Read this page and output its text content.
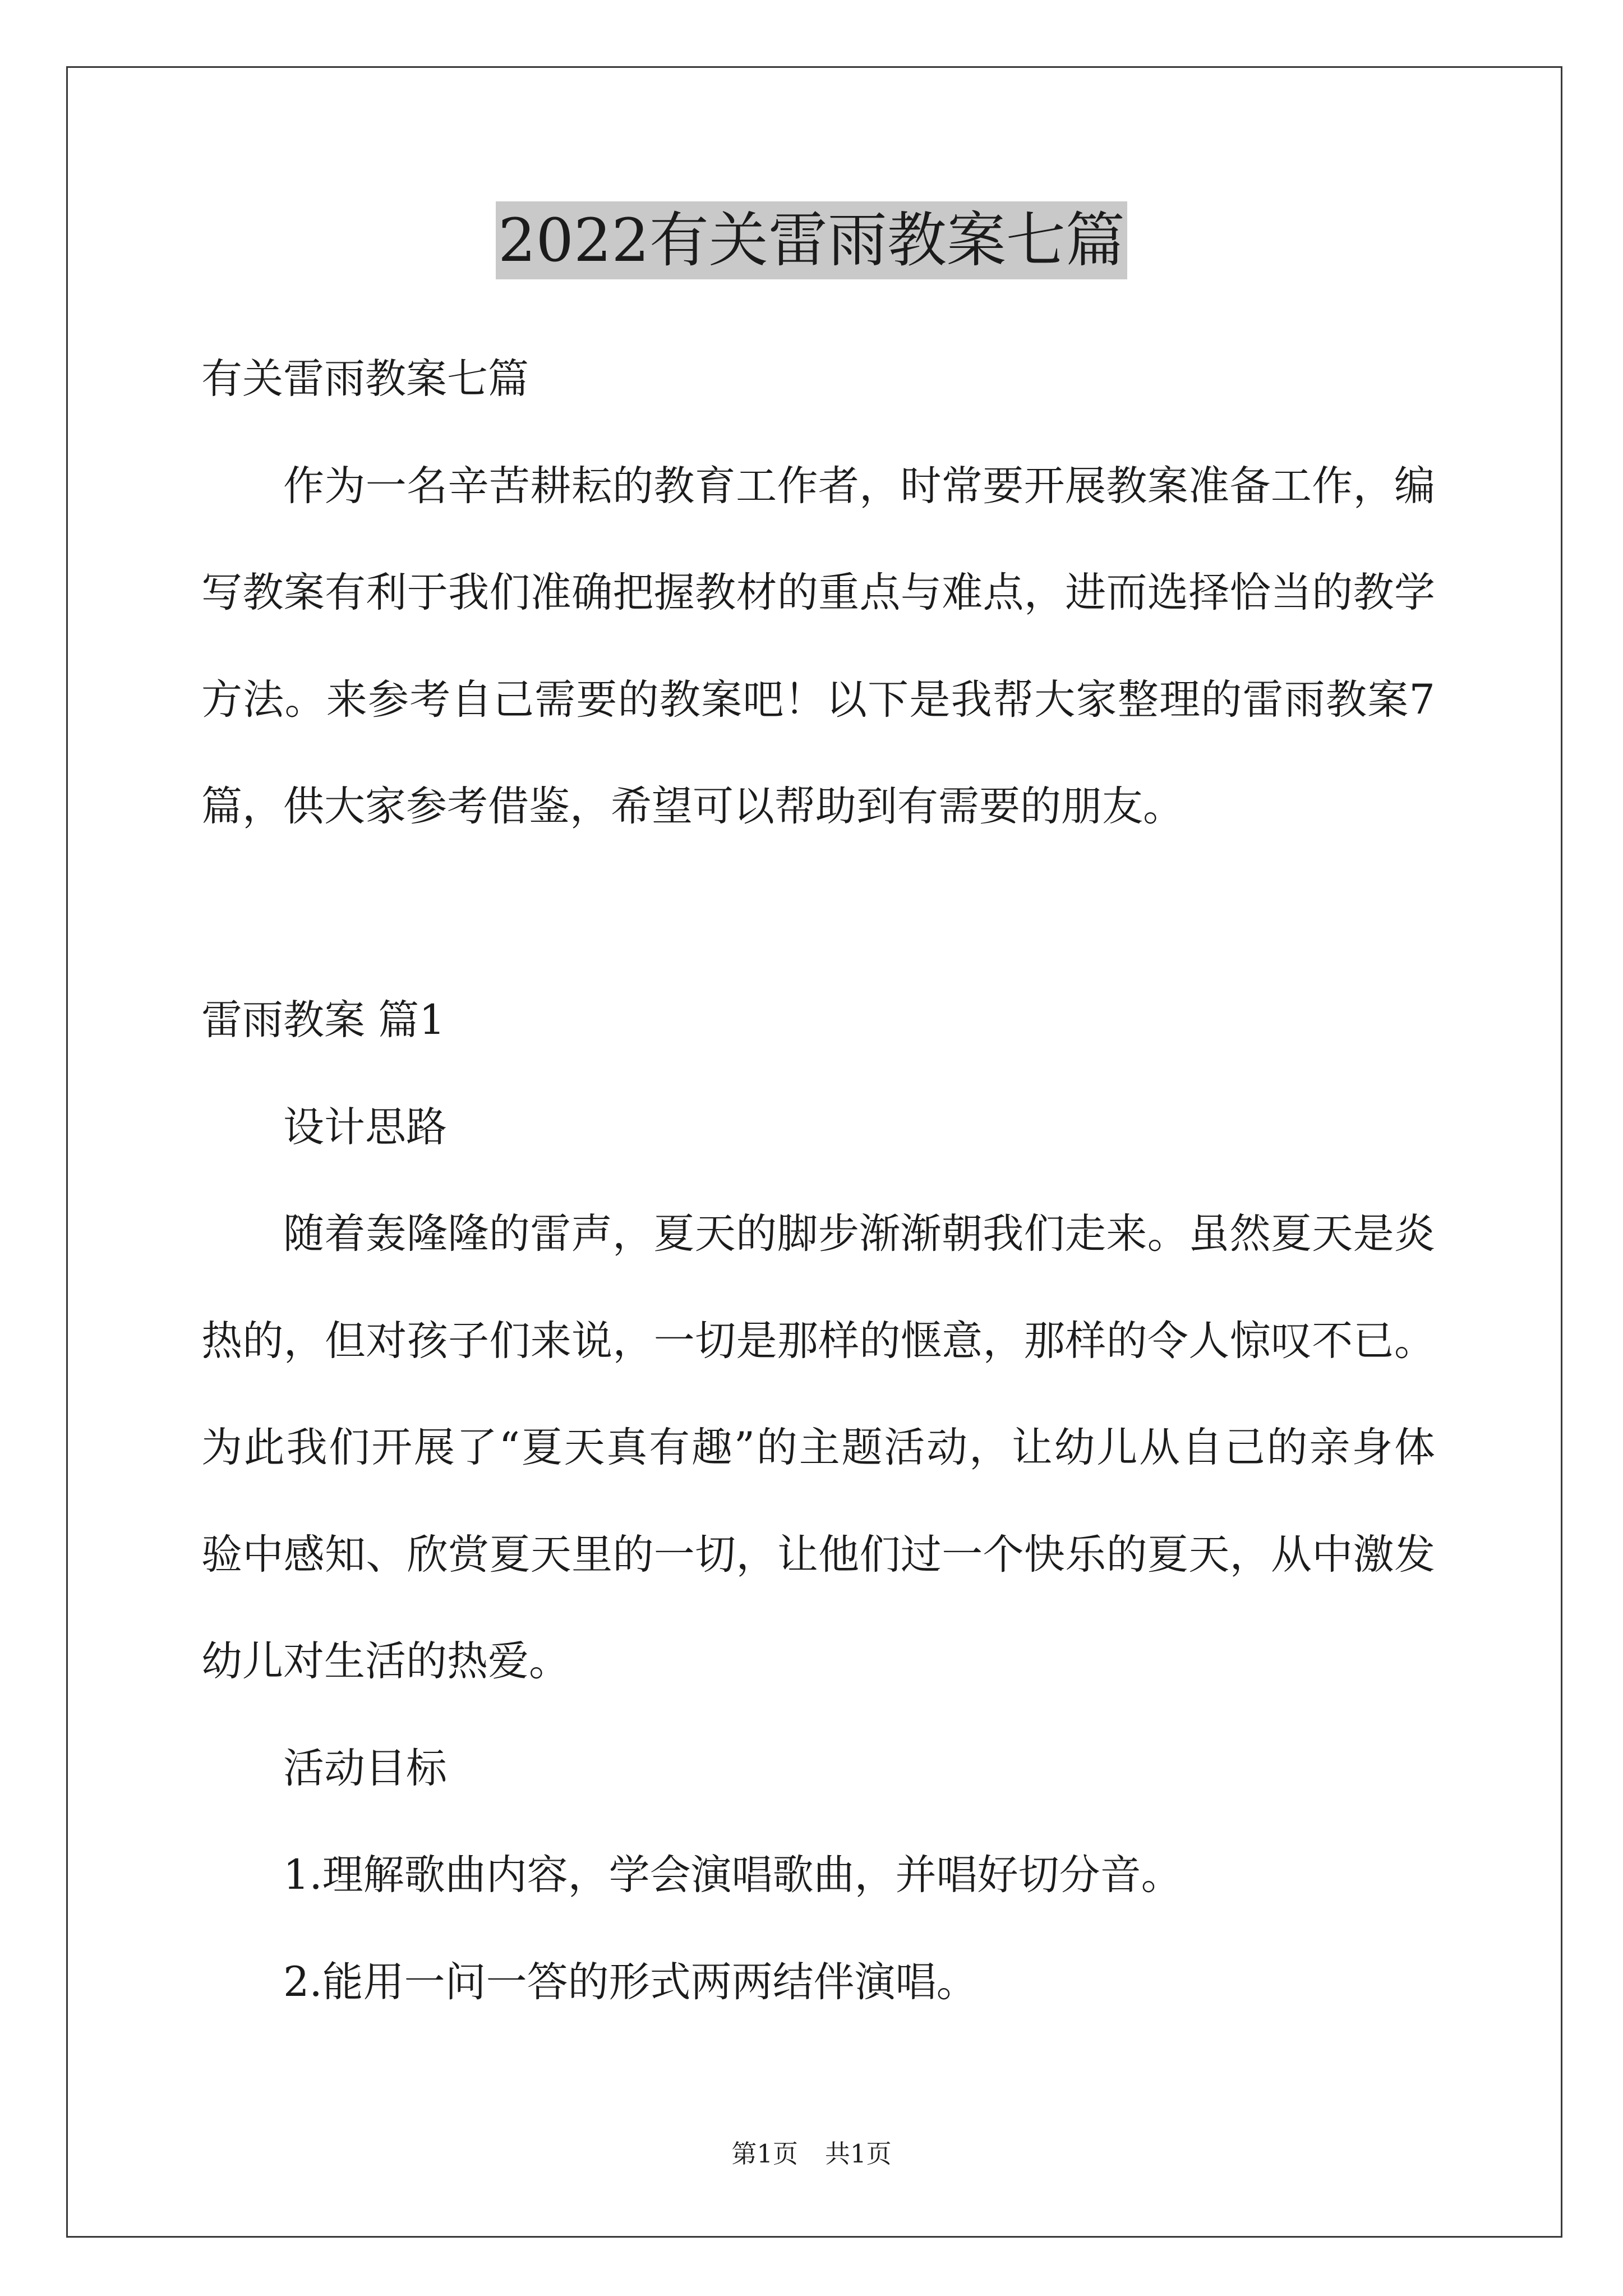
2022有关雷雨教案七篇
有关雷雨教案七篇
作为一名辛苦耕耘的教育工作者，时常要开展教案准备工作，编
写教案有利于我们准确把握教材的重点与难点，进而选择恰当的教学
方法。来参考自己需要的教案吧！以下是我帮大家整理的雷雨教案7
篇，供大家参考借鉴，希望可以帮助到有需要的朋友。
雷雨教案 篇1
设计思路
随着轰隆隆的雷声，夏天的脚步渐渐朝我们走来。虽然夏天是炎
热的，但对孩子们来说，一切是那样的惬意，那样的令人惊叹不已。
为此我们开展了“夏天真有趣”的主题活动，让幼儿从自己的亲身体
验中感知、欣赏夏天里的一切，让他们过一个快乐的夏天，从中激发
幼儿对生活的热爱。
活动目标
1.理解歌曲内容，学会演唱歌曲，并唱好切分音。
2.能用一问一答的形式两两结伴演唱。
第1页 共1页
